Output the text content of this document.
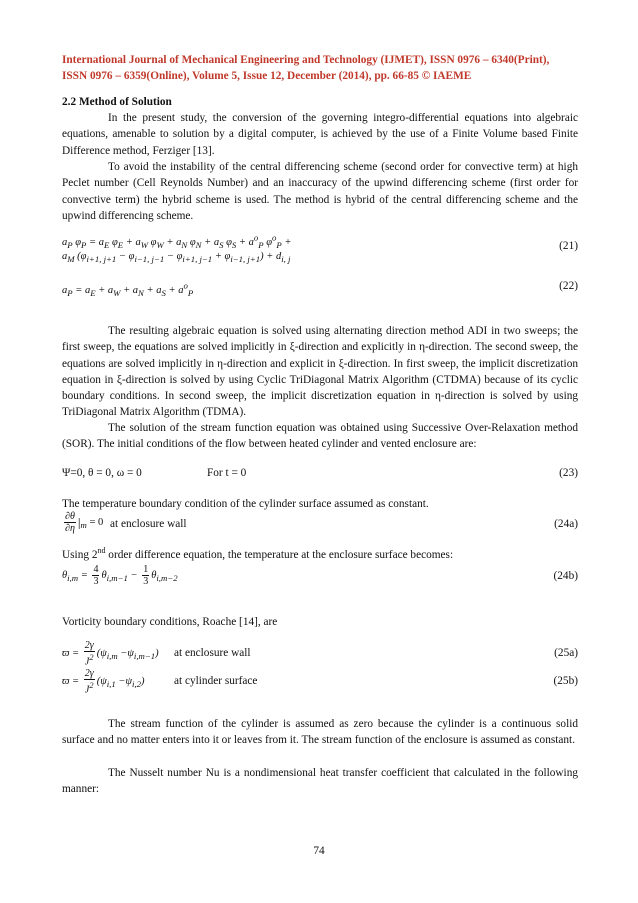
International Journal of Mechanical Engineering and Technology (IJMET), ISSN 0976 – 6340(Print),
ISSN 0976 – 6359(Online), Volume 5, Issue 12, December (2014), pp. 66-85 © IAEME
2.2 Method of Solution
In the present study, the conversion of the governing integro-differential equations into algebraic equations, amenable to solution by a digital computer, is achieved by the use of a Finite Volume based Finite Difference method, Ferziger [13].
To avoid the instability of the central differencing scheme (second order for convective term) at high Peclet number (Cell Reynolds Number) and an inaccuracy of the upwind differencing scheme (first order for convective term) the hybrid scheme is used. The method is hybrid of the central differencing scheme and the upwind differencing scheme.
$a_P$ $\varphi_P = a_E$ $\varphi_E + a_W$ $\varphi_W + a_N$ $\varphi_N + a_S$ $\varphi_S + a^o_P$ $\varphi^o_P$ +
$a_M$ $(\varphi_{i+1, j+1} - \varphi_{i-1, j-1} - \varphi_{i+1, j-1} + \varphi_{i-1, j+1}) + d_{i, j}$
(21)
$a_P = a_E + a_W + a_N + a_S + a^o_P$
(22)
The resulting algebraic equation is solved using alternating direction method ADI in two sweeps; the first sweep, the equations are solved implicitly in ξ-direction and explicitly in η-direction. The second sweep, the equations are solved implicitly in η-direction and explicit in ξ-direction. In first sweep, the implicit discretization equation in ξ-direction is solved by using Cyclic TriDiagonal Matrix Algorithm (CTDMA) because of its cyclic boundary conditions. In second sweep, the implicit discretization equation in η-direction is solved by using TriDiagonal Matrix Algorithm (TDMA).
The solution of the stream function equation was obtained using Successive Over-Relaxation method (SOR). The initial conditions of the flow between heated cylinder and vented enclosure are:
Ψ=0, θ = 0, ω = 0	For t = 0	(23)
The temperature boundary condition of the cylinder surface assumed as constant.
$\frac{\partial\theta}{\partial\eta} |_m = 0$ at enclosure wall	(24a)
Using 2nd order difference equation, the temperature at the enclosure surface becomes:
$\theta_{i,m} = \frac{4}{3} \theta_{i,m-1} - \frac{1}{3} \theta_{i,m-2}$	(24b)
Vorticity boundary conditions, Roache [14], are
$ϖ = \frac{2\gamma}{J^2} (\psi_{i,m} -\psi_{i,m-1})$ at enclosure wall	(25a)
$ϖ = \frac{2\gamma}{J^2} (\psi_{i,1} -\psi_{i,2})$	at cylinder surface	(25b)
The stream function of the cylinder is assumed as zero because the cylinder is a continuous solid surface and no matter enters into it or leaves from it. The stream function of the enclosure is assumed as constant.
The Nusselt number Nu is a nondimensional heat transfer coefficient that calculated in the following manner:
74
